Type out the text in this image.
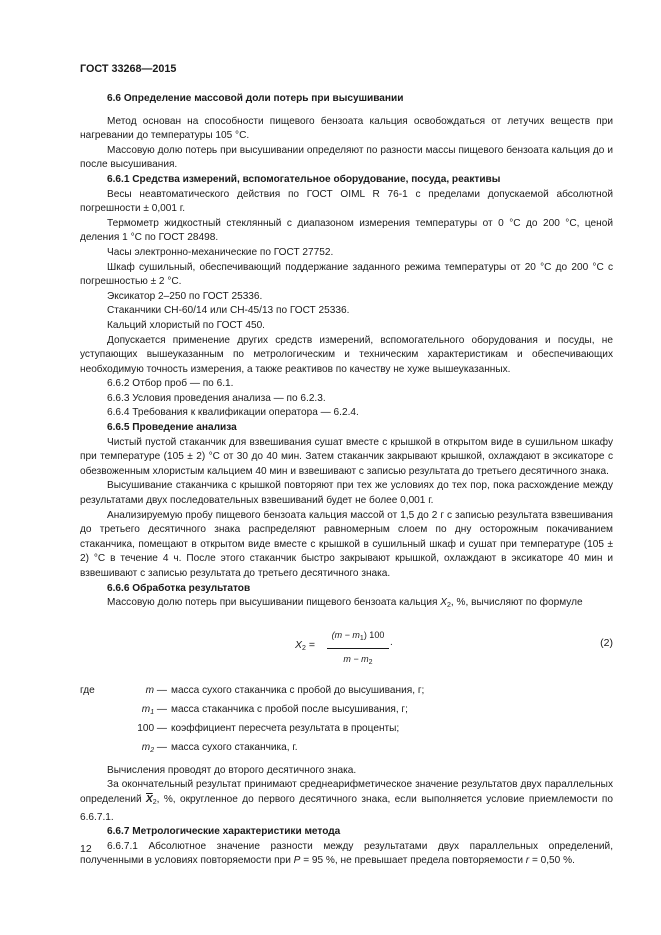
ГОСТ 33268—2015

6.6 Определение массовой доли потерь при высушивании

Метод основан на способности пищевого бензоата кальция освобождаться от летучих веществ при нагревании до температуры 105 °С.

Массовую долю потерь при высушивании определяют по разности массы пищевого бензоата кальция до и после высушивания.

6.6.1 Средства измерений, вспомогательное оборудование, посуда, реактивы

Весы неавтоматического действия по ГОСТ OIML R 76-1 с пределами допускаемой абсолютной погрешности ± 0,001 г.

Термометр жидкостный стеклянный с диапазоном измерения температуры от 0 °С до 200 °С, ценой деления 1 °С по ГОСТ 28498.

Часы электронно-механические по ГОСТ 27752.

Шкаф сушильный, обеспечивающий поддержание заданного режима температуры от 20 °С до 200 °С с погрешностью ± 2 °С.

Эксикатор 2–250 по ГОСТ 25336.

Стаканчики СН-60/14 или СН-45/13 по ГОСТ 25336.

Кальций хлористый по ГОСТ 450.

Допускается применение других средств измерений, вспомогательного оборудования и посуды, не уступающих вышеуказанным по метрологическим и техническим характеристикам и обеспечивающих необходимую точность измерения, а также реактивов по качеству не хуже вышеуказанных.

6.6.2 Отбор проб — по 6.1.

6.6.3 Условия проведения анализа — по 6.2.3.

6.6.4 Требования к квалификации оператора — 6.2.4.

6.6.5 Проведение анализа

Чистый пустой стаканчик для взвешивания сушат вместе с крышкой в открытом виде в сушильном шкафу при температуре (105 ± 2) °С от 30 до 40 мин. Затем стаканчик закрывают крышкой, охлаждают в эксикаторе с обезвоженным хлористым кальцием 40 мин и взвешивают с записью результата до третьего десятичного знака.

Высушивание стаканчика с крышкой повторяют при тех же условиях до тех пор, пока расхождение между результатами двух последовательных взвешиваний будет не более 0,001 г.

Анализируемую пробу пищевого бензоата кальция массой от 1,5 до 2 г с записью результата взвешивания до третьего десятичного знака распределяют равномерным слоем по дну осторожным покачиванием стаканчика, помещают в открытом виде вместе с крышкой в сушильный шкаф и сушат при температуре (105 ± 2) °С в течение 4 ч. После этого стаканчик быстро закрывают крышкой, охлаждают в эксикаторе 40 мин и взвешивают с записью результата до третьего десятичного знака.

6.6.6 Обработка результатов

Массовую долю потерь при высушивании пищевого бензоата кальция $X_2$, %, вычисляют по формуле

$X_2 = \frac{(m - m_1) 100}{m - m_2}$ .	(2)
где	m — масса сухого стаканчика с пробой до высушивания, г;
$m_1$ — масса стаканчика с пробой после высушивания, г;
100 — коэффициент пересчета результата в проценты;
$m_2$ — масса сухого стаканчика, г.

Вычисления проводят до второго десятичного знака.

За окончательный результат принимают среднеарифметическое значение результатов двух параллельных определений $\overline{X}_2$, %, округленное до первого десятичного знака, если выполняется условие приемлемости по 6.6.7.1.

6.6.7 Метрологические характеристики метода

6.6.7.1 Абсолютное значение разности между результатами двух параллельных определений, полученными в условиях повторяемости при P = 95 %, не превышает предела повторяемости r = 0,50 %.

12
